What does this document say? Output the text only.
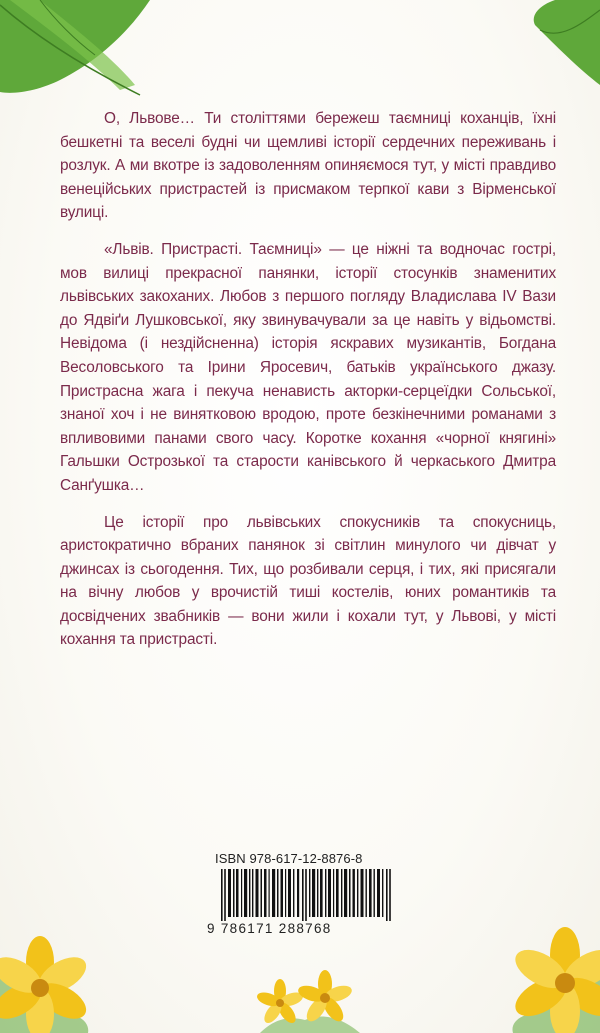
О, Львове… Ти століттями бережеш таємниці коханців, їхні бешкетні та веселі будні чи щемливі історії сердечних переживань і розлук. А ми вкотре із задоволенням опиняємося тут, у місті правдиво венеційських пристрастей із присмаком терпкої кави з Вірменської вулиці.

«Львів. Пристрасті. Таємниці» — це ніжні та водночас гострі, мов вилиці прекрасної панянки, історії стосунків знаменитих львівських закоханих. Любов з першого погляду Владислава IV Вази до Ядвіґи Лушковської, яку звинувачували за це навіть у відьомстві. Невідома (і нездійсненна) історія яскравих музикантів, Богдана Весоловського та Ірини Яросевич, батьків українського джазу. Пристрасна жага і пекуча ненависть акторки-серцеїдки Сольської, знаної хоч і не винятковою вродою, проте безкінечними романами з впливовими панами свого часу. Коротке кохання «чорної княгині» Гальшки Острозької та старости канівського й черкаського Дмитра Санґушка…

Це історії про львівських спокусників та спокусниць, аристократично вбраних панянок зі світлин минулого чи дівчат у джинсах із сьогодення. Тих, що розбивали серця, і тих, які присягали на вічну любов у врочистій тиші костелів, юних романтиків та досвідчених звабників — вони жили і кохали тут, у Львові, у місті кохання та пристрасті.

ISBN 978-617-12-8876-8
9 786171 288768
